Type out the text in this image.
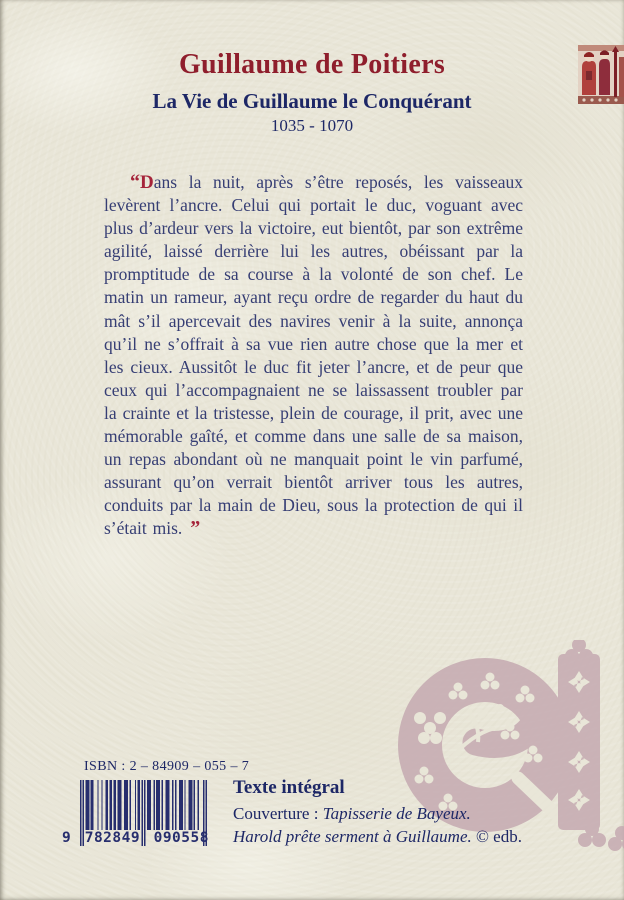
Guillaume de Poitiers
La Vie de Guillaume le Conquérant
1035 - 1070

“Dans la nuit, après s’être reposés, les vaisseaux levèrent l’ancre. Celui qui portait le duc, voguant avec plus d’ardeur vers la victoire, eut bientôt, par son extrême agilité, laissé derrière lui les autres, obéissant par la promptitude de sa course à la volonté de son chef. Le matin un rameur, ayant reçu ordre de regarder du haut du mât s’il apercevait des navires venir à la suite, annonça qu’il ne s’offrait à sa vue rien autre chose que la mer et les cieux. Aussitôt le duc fit jeter l’ancre, et de peur que ceux qui l’accompagnaient ne se laissassent troubler par la crainte et la tristesse, plein de courage, il prit, avec une mémorable gaîté, et comme dans une salle de sa maison, un repas abondant où ne manquait point le vin parfumé, assurant qu’on verrait bientôt arriver tous les autres, conduits par la main de Dieu, sous la protection de qui il s’était mis. ”

ISBN : 2 – 84909 – 055 – 7
9 782849 090558
Texte intégral
Couverture : Tapisserie de Bayeux.
Harold prête serment à Guillaume. © edb.
